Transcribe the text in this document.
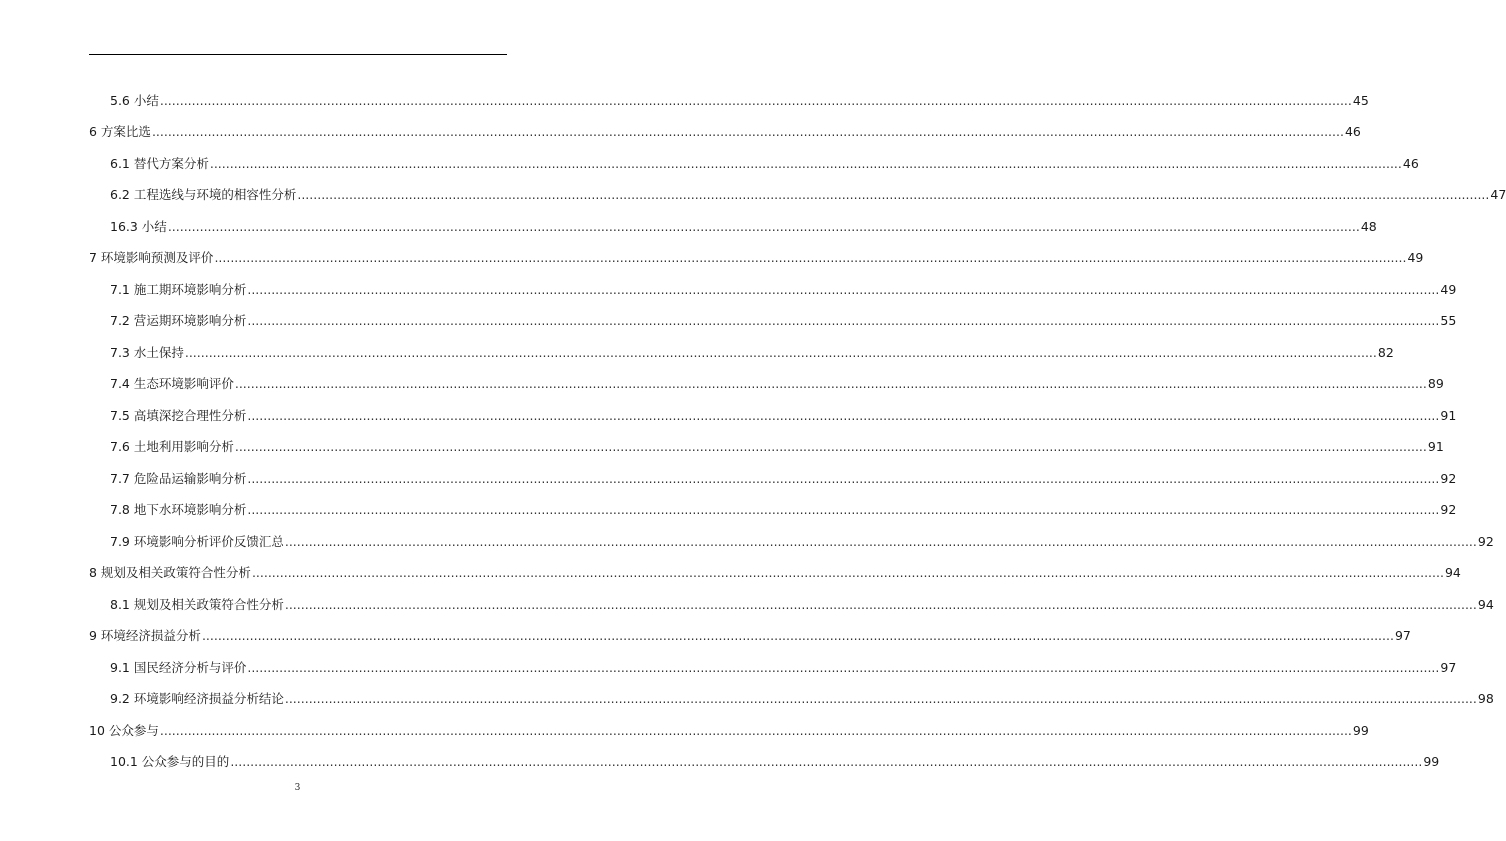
5.6 小结 ............................................................................................................................................................................................................................................................................................................ 45
6 方案比选 ............................................................................................................................................................................................................................................................................................................ 46
6.1 替代方案分析 ............................................................................................................................................................................................................................................................................................................ 46
6.2 工程选线与环境的相容性分析 ............................................................................................................................................................................................................................................................................................................ 47
16.3 小结 ............................................................................................................................................................................................................................................................................................................ 48
7 环境影响预测及评价 ............................................................................................................................................................................................................................................................................................................ 49
7.1 施工期环境影响分析 ............................................................................................................................................................................................................................................................................................................ 49
7.2 营运期环境影响分析 ............................................................................................................................................................................................................................................................................................................ 55
7.3 水土保持 ............................................................................................................................................................................................................................................................................................................ 82
7.4 生态环境影响评价 ............................................................................................................................................................................................................................................................................................................ 89
7.5 高填深挖合理性分析 ............................................................................................................................................................................................................................................................................................................ 91
7.6 土地利用影响分析 ............................................................................................................................................................................................................................................................................................................ 91
7.7 危险品运输影响分析 ............................................................................................................................................................................................................................................................................................................ 92
7.8 地下水环境影响分析 ............................................................................................................................................................................................................................................................................................................ 92
7.9 环境影响分析评价反馈汇总 ............................................................................................................................................................................................................................................................................................................ 92
8 规划及相关政策符合性分析 ............................................................................................................................................................................................................................................................................................................ 94
8.1 规划及相关政策符合性分析 ............................................................................................................................................................................................................................................................................................................ 94
9 环境经济损益分析 ............................................................................................................................................................................................................................................................................................................ 97
9.1 国民经济分析与评价 ............................................................................................................................................................................................................................................................................................................ 97
9.2 环境影响经济损益分析结论 ............................................................................................................................................................................................................................................................................................................ 98
10 公众参与 ............................................................................................................................................................................................................................................................................................................ 99
10.1 公众参与的目的 ............................................................................................................................................................................................................................................................................................................ 99
3
